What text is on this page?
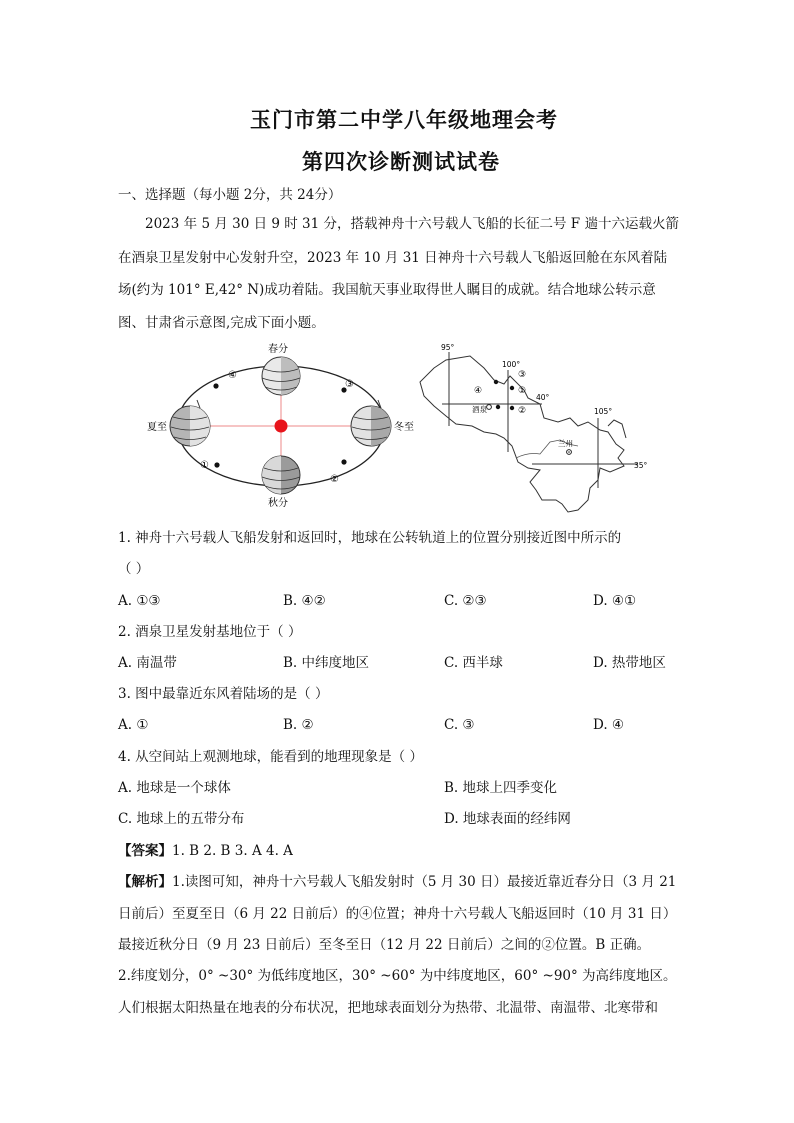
玉门市第二中学八年级地理会考
第四次诊断测试试卷
一、选择题（每小题 2分，共 24分）
2023 年 5 月 30 日 9 时 31 分，搭载神舟十六号载人飞船的长征二号 F 遄十六运载火箭
在酒泉卫星发射中心发射升空，2023 年 10 月 31 日神舟十六号载人飞船返回舱在东风着陆
场(约为 101° E,42° N)成功着陆。我国航天事业取得世人瞩目的成就。结合地球公转示意
图、甘肃省示意图,完成下面小题。
春分
夏至
秋分
冬至
④
③
①
②
95°
100°
105°
40°
35°
酒泉
兰州
①
②
③
④
1. 神舟十六号载人飞船发射和返回时，地球在公转轨道上的位置分别接近图中所示的
（ ）
A. ①③	B. ④②	C. ②③	D. ④①
2. 酒泉卫星发射基地位于（ ）
A. 南温带	B. 中纬度地区	C. 西半球	D. 热带地区
3. 图中最靠近东风着陆场的是（ ）
A. ①	B. ②	C. ③	D. ④
4. 从空间站上观测地球，能看到的地理现象是（ ）
A. 地球是一个球体	B. 地球上四季变化
C. 地球上的五带分布	D. 地球表面的经纬网
【答案】1. B 2. B 3. A 4. A
【解析】1.读图可知，神舟十六号载人飞船发射时（5 月 30 日）最接近靠近春分日（3 月 21
日前后）至夏至日（6 月 22 日前后）的④位置；神舟十六号载人飞船返回时（10 月 31 日）
最接近秋分日（9 月 23 日前后）至冬至日（12 月 22 日前后）之间的②位置。B 正确。
2.纬度划分，0° ~30° 为低纬度地区，30° ~60° 为中纬度地区，60° ~90° 为高纬度地区。
人们根据太阳热量在地表的分布状况，把地球表面划分为热带、北温带、南温带、北寒带和
